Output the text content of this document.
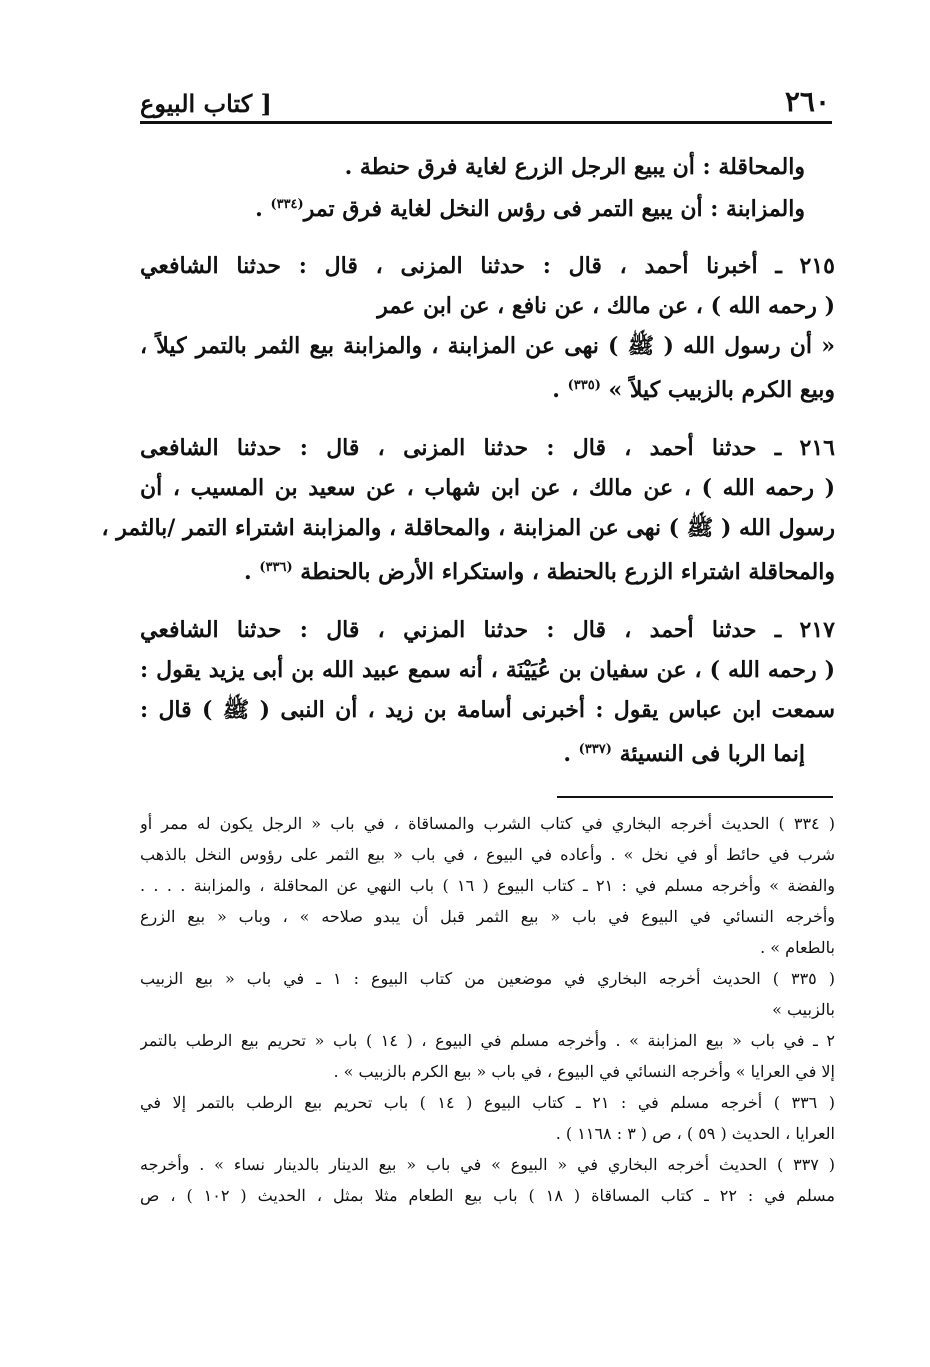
٢٦٠
[ كتاب البيوع
والمحاقلة : أن يبيع الرجل الزرع لغاية فرق حنطة .
والمزابنة : أن يبيع التمر فى رؤس النخل لغاية فرق تمر$^{(٣٣٤)}$ .
٢١٥ ـ أخبرنا أحمد ، قال : حدثنا المزنى ، قال : حدثنا الشافعي
( رحمه الله ) ، عن مالك ، عن نافع ، عن ابن عمر
« أن رسول الله ( ﷺ ) نهى عن المزابنة ، والمزابنة بيع الثمر بالتمر كيلاً ،
وبيع الكرم بالزبيب كيلاً » $^{(٣٣٥)}$ .
٢١٦ ـ حدثنا أحمد ، قال : حدثنا المزنى ، قال : حدثنا الشافعى
( رحمه الله ) ، عن مالك ، عن ابن شهاب ، عن سعيد بن المسيب ، أن
رسول الله ( ﷺ ) نهى عن المزابنة ، والمحاقلة ، والمزابنة اشتراء التمر /بالثمر ،
والمحاقلة اشتراء الزرع بالحنطة ، واستكراء الأرض بالحنطة $^{(٣٣٦)}$ .
٢١٧ ـ حدثنا أحمد ، قال : حدثنا المزني ، قال : حدثنا الشافعي
( رحمه الله ) ، عن سفيان بن عُيَيْنَة ، أنه سمع عبيد الله بن أبى يزيد يقول :
سمعت ابن عباس يقول : أخبرنى أسامة بن زيد ، أن النبى ( ﷺ ) قال :
إنما الربا فى النسيئة $^{(٣٣٧)}$ .
( ٣٣٤ ) الحديث أخرجه البخاري في كتاب الشرب والمساقاة ، في باب « الرجل يكون له ممر أو
شرب في حائط أو في نخل » . وأعاده في البيوع ، في باب « بيع الثمر على رؤوس النخل بالذهب
والفضة » وأخرجه مسلم في : ٢١ ـ كتاب البيوع ( ١٦ ) باب النهي عن المحاقلة ، والمزابنة . . . .
وأخرجه النسائي في البيوع في باب « بيع الثمر قبل أن يبدو صلاحه » ، وباب « بيع الزرع
بالطعام » .
( ٣٣٥ ) الحديث أخرجه البخاري في موضعين من كتاب البيوع : ١ ـ في باب « بيع الزبيب
بالزبيب »
٢ ـ في باب « بيع المزابنة » . وأخرجه مسلم في البيوع ، ( ١٤ ) باب « تحريم بيع الرطب بالتمر
إلا في العرايا » وأخرجه النسائي في البيوع ، في باب « بيع الكرم بالزبيب » .
( ٣٣٦ ) أخرجه مسلم في : ٢١ ـ كتاب البيوع ( ١٤ ) باب تحريم بيع الرطب بالتمر إلا في
العرايا ، الحديث ( ٥٩ ) ، ص ( ٣ : ١١٦٨ ) .
( ٣٣٧ ) الحديث أخرجه البخاري في « البيوع » في باب « بيع الدينار بالدينار نساء » . وأخرجه
مسلم في : ٢٢ ـ كتاب المساقاة ( ١٨ ) باب بيع الطعام مثلا بمثل ، الحديث ( ١٠٢ ) ، ص
